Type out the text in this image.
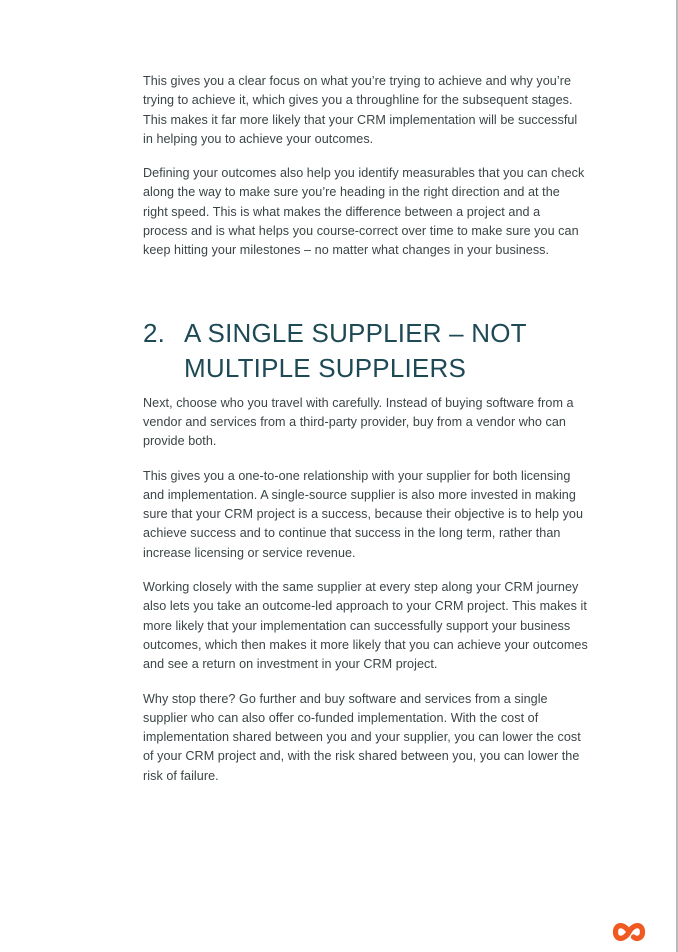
This gives you a clear focus on what you’re trying to achieve and why you’re trying to achieve it, which gives you a throughline for the subsequent stages. This makes it far more likely that your CRM implementation will be successful in helping you to achieve your outcomes.

Defining your outcomes also help you identify measurables that you can check along the way to make sure you’re heading in the right direction and at the right speed. This is what makes the difference between a project and a process and is what helps you course-correct over time to make sure you can keep hitting your milestones – no matter what changes in your business.

2. A SINGLE SUPPLIER – NOT MULTIPLE SUPPLIERS

Next, choose who you travel with carefully. Instead of buying software from a vendor and services from a third-party provider, buy from a vendor who can provide both.

This gives you a one-to-one relationship with your supplier for both licensing and implementation. A single-source supplier is also more invested in making sure that your CRM project is a success, because their objective is to help you achieve success and to continue that success in the long term, rather than increase licensing or service revenue.

Working closely with the same supplier at every step along your CRM journey also lets you take an outcome-led approach to your CRM project. This makes it more likely that your implementation can successfully support your business outcomes, which then makes it more likely that you can achieve your outcomes and see a return on investment in your CRM project.

Why stop there? Go further and buy software and services from a single supplier who can also offer co-funded implementation. With the cost of implementation shared between you and your supplier, you can lower the cost of your CRM project and, with the risk shared between you, you can lower the risk of failure.
